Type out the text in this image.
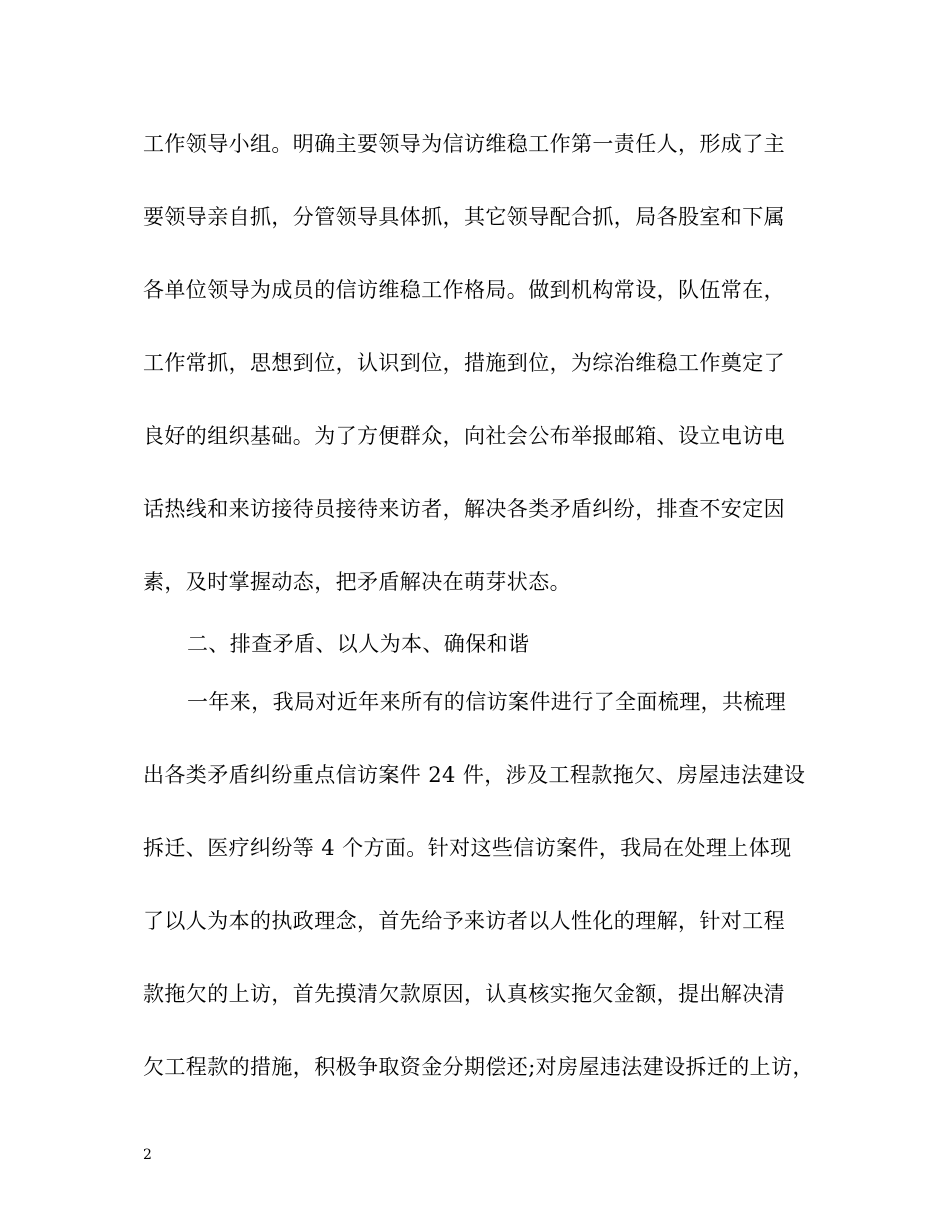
工作领导小组。明确主要领导为信访维稳工作第一责任人，形成了主
要领导亲自抓，分管领导具体抓，其它领导配合抓，局各股室和下属
各单位领导为成员的信访维稳工作格局。做到机构常设，队伍常在，
工作常抓，思想到位，认识到位，措施到位，为综治维稳工作奠定了
良好的组织基础。为了方便群众，向社会公布举报邮箱、设立电访电
话热线和来访接待员接待来访者，解决各类矛盾纠纷，排查不安定因
素，及时掌握动态，把矛盾解决在萌芽状态。
二、排查矛盾、以人为本、确保和谐
一年来，我局对近年来所有的信访案件进行了全面梳理，共梳理
出各类矛盾纠纷重点信访案件 24 件，涉及工程款拖欠、房屋违法建设
拆迁、医疗纠纷等 4 个方面。针对这些信访案件，我局在处理上体现
了以人为本的执政理念，首先给予来访者以人性化的理解，针对工程
款拖欠的上访，首先摸清欠款原因，认真核实拖欠金额，提出解决清
欠工程款的措施，积极争取资金分期偿还;对房屋违法建设拆迁的上访，
2
